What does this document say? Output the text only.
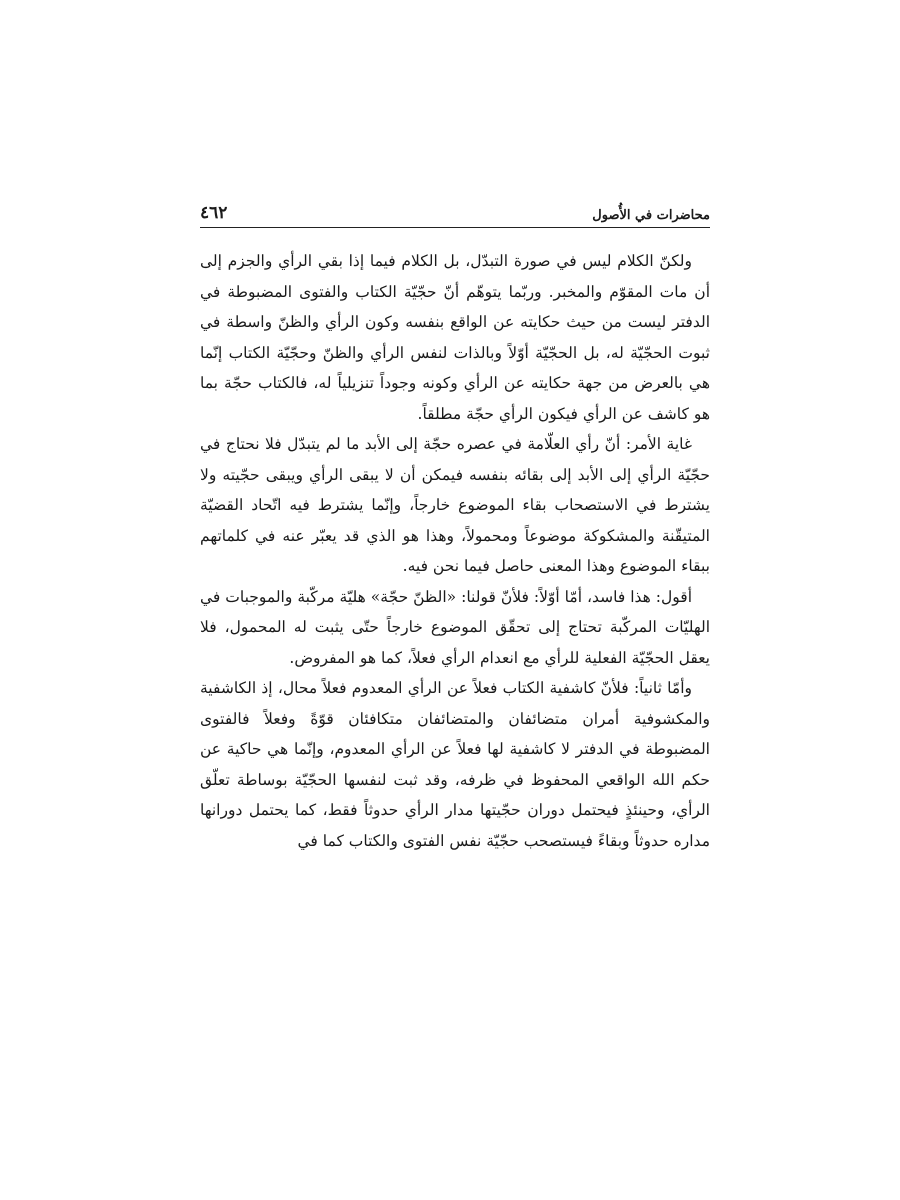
محاضرات في الأُصول
٤٦٢

ولكنّ الكلام ليس في صورة التبدّل، بل الكلام فيما إذا بقي الرأي والجزم إلى أن مات المقوّم والمخبر. وربّما يتوهّم أنّ حجّيّة الكتاب والفتوى المضبوطة في الدفتر ليست من حيث حكايته عن الواقع بنفسه وكون الرأي والظنّ واسطة في ثبوت الحجّيّة له، بل الحجّيّة أوّلاً وبالذات لنفس الرأي والظنّ وحجّيّة الكتاب إنّما هي بالعرض من جهة حكايته عن الرأي وكونه وجوداً تنزيلياً له، فالكتاب حجّة بما هو كاشف عن الرأي فيكون الرأي حجّة مطلقاً.

غاية الأمر: أنّ رأي العلّامة في عصره حجّة إلى الأبد ما لم يتبدّل فلا نحتاج في حجّيّة الرأي إلى الأبد إلى بقائه بنفسه فيمكن أن لا يبقى الرأي ويبقى حجّيته ولا يشترط في الاستصحاب بقاء الموضوع خارجاً، وإنّما يشترط فيه اتّحاد القضيّة المتيقّنة والمشكوكة موضوعاً ومحمولاً، وهذا هو الذي قد يعبّر عنه في كلماتهم ببقاء الموضوع وهذا المعنى حاصل فيما نحن فيه.

أقول: هذا فاسد، أمّا أوّلاً: فلأنّ قولنا: «الظنّ حجّة» هليّة مركّبة والموجبات في الهليّات المركّبة تحتاج إلى تحقّق الموضوع خارجاً حتّى يثبت له المحمول، فلا يعقل الحجّيّة الفعلية للرأي مع انعدام الرأي فعلاً، كما هو المفروض.

وأمّا ثانياً: فلأنّ كاشفية الكتاب فعلاً عن الرأي المعدوم فعلاً محال، إذ الكاشفية والمكشوفية أمران متضائفان والمتضائفان متكافئان قوّةً وفعلاً فالفتوى المضبوطة في الدفتر لا كاشفية لها فعلاً عن الرأي المعدوم، وإنّما هي حاكية عن حكم الله الواقعي المحفوظ في ظرفه، وقد ثبت لنفسها الحجّيّة بوساطة تعلّق الرأي، وحينئذٍ فيحتمل دوران حجّيتها مدار الرأي حدوثاً فقط، كما يحتمل دورانها مداره حدوثاً وبقاءً فيستصحب حجّيّة نفس الفتوى والكتاب كما في
